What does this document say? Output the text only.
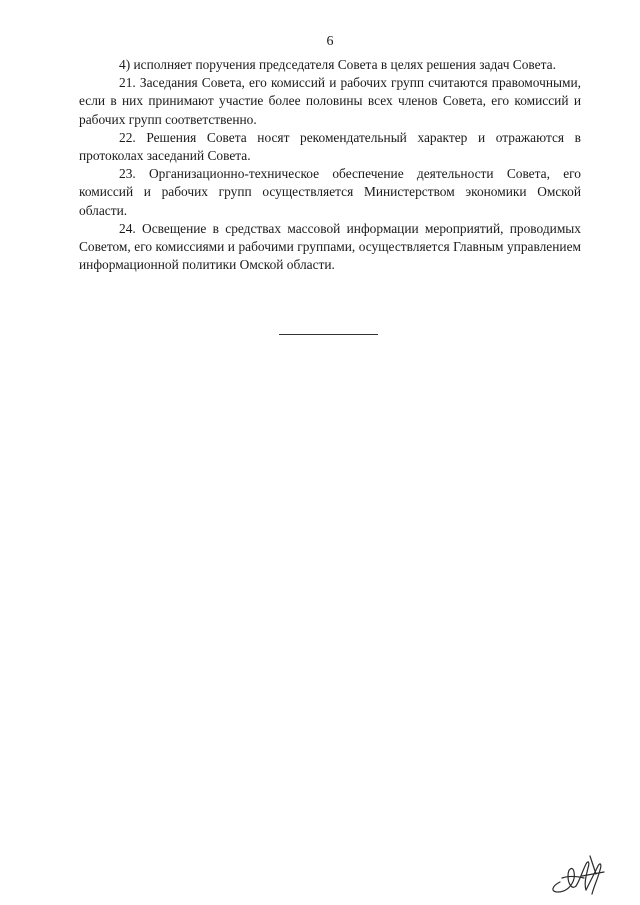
6

4) исполняет поручения председателя Совета в целях решения задач Совета.

21. Заседания Совета, его комиссий и рабочих групп считаются правомочными, если в них принимают участие более половины всех членов Совета, его комиссий и рабочих групп соответственно.

22. Решения Совета носят рекомендательный характер и отражаются в протоколах заседаний Совета.

23. Организационно-техническое обеспечение деятельности Совета, его комиссий и рабочих групп осуществляется Министерством экономики Омской области.

24. Освещение в средствах массовой информации мероприятий, проводимых Советом, его комиссиями и рабочими группами, осуществляется Главным управлением информационной политики Омской области.
